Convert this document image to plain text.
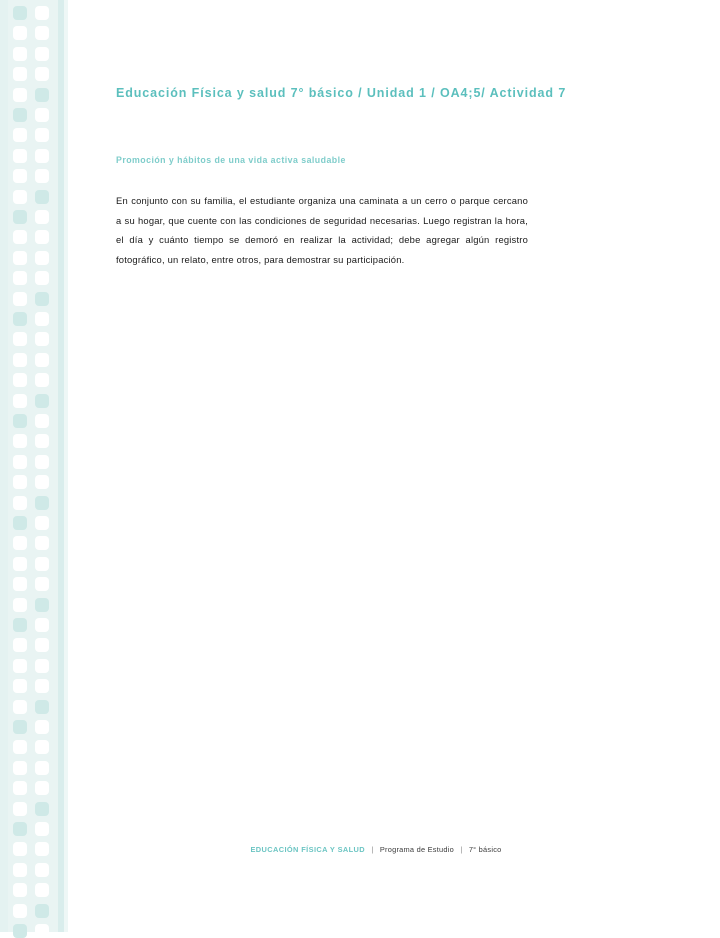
Educación Física y salud 7° básico / Unidad 1 / OA4;5/ Actividad 7
Promoción y hábitos de una vida activa saludable
En conjunto con su familia, el estudiante organiza una caminata a un cerro o parque cercano a su hogar, que cuente con las condiciones de seguridad necesarias. Luego registran la hora, el día y cuánto tiempo se demoró en realizar la actividad; debe agregar algún registro fotográfico, un relato, entre otros, para demostrar su participación.
EDUCACIÓN FÍSICA Y SALUD | Programa de Estudio | 7° básico
